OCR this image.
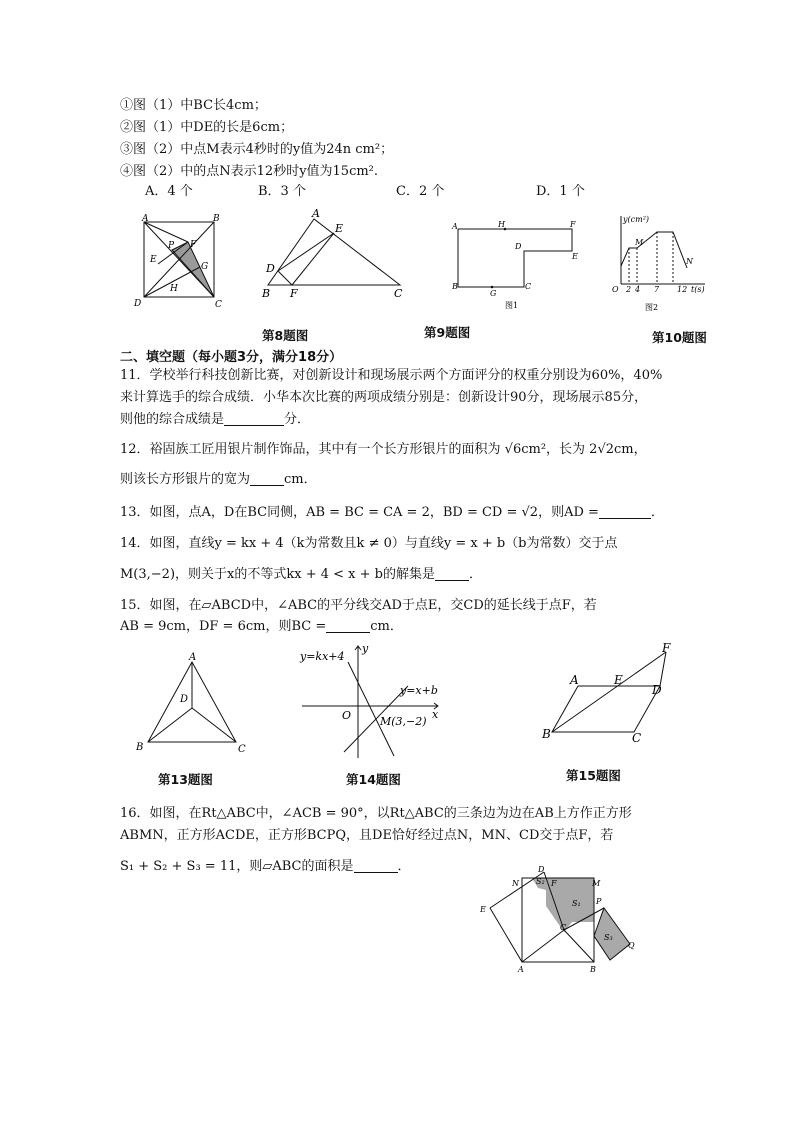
①图（1）中BC长4cm；
②图（1）中DE的长是6cm；
③图（2）中点M表示4秒时的y值为24n cm²；
④图（2）中的点N表示12秒时y值为15cm².
A．4 个	B．3 个	C．2 个	D．1 个
A	B
C
D
E
F
G
H
P
A
B	C
D
E
F
A	H	F
D
E
B
G
C
图1
y(cm²)
M
N
O 2 4 7 12 t(s)
图2
第8题图	第9题图	第10题图
二、填空题（每小题3分，满分18分）
11．学校举行科技创新比赛，对创新设计和现场展示两个方面评分的权重分别设为60%，40%
来计算选手的综合成绩．小华本次比赛的两项成绩分别是：创新设计90分，现场展示85分，
则他的综合成绩是	分．
12．裕固族工匠用银片制作饰品，其中有一个长方形银片的面积为 √6cm²，长为 2√2cm，
则该长方形银片的宽为	cm．
13．如图，点A，D在BC同侧，AB = BC = CA = 2，BD = CD = √2，则AD =	．
14．如图，直线y = kx + 4（k为常数且k ≠ 0）与直线y = x + b（b为常数）交于点
M(3,−2)，则关于x的不等式kx + 4 < x + b的解集是	．
15．如图，在▱ABCD中，∠ABC的平分线交AD于点E，交CD的延长线于点F，若
AB = 9cm，DF = 6cm，则BC =	cm．
A
B	C
D
y=kx+4
y
y=x+b
O	M(3,−2)
x
A	E
D
F
B	C
第13题图	第14题图	第15题图
16．如图，在Rt△ABC中，∠ACB = 90°，以Rt△ABC的三条边为边在AB上方作正方形
ABMN，正方形ACDE，正方形BCPQ，且DE恰好经过点N，MN、CD交于点F，若
S₁ + S₂ + S₃ = 11，则▱ABC的面积是	．	D
S₂ F	M
N
E
S₁ P
C
S₃
Q
A	B
